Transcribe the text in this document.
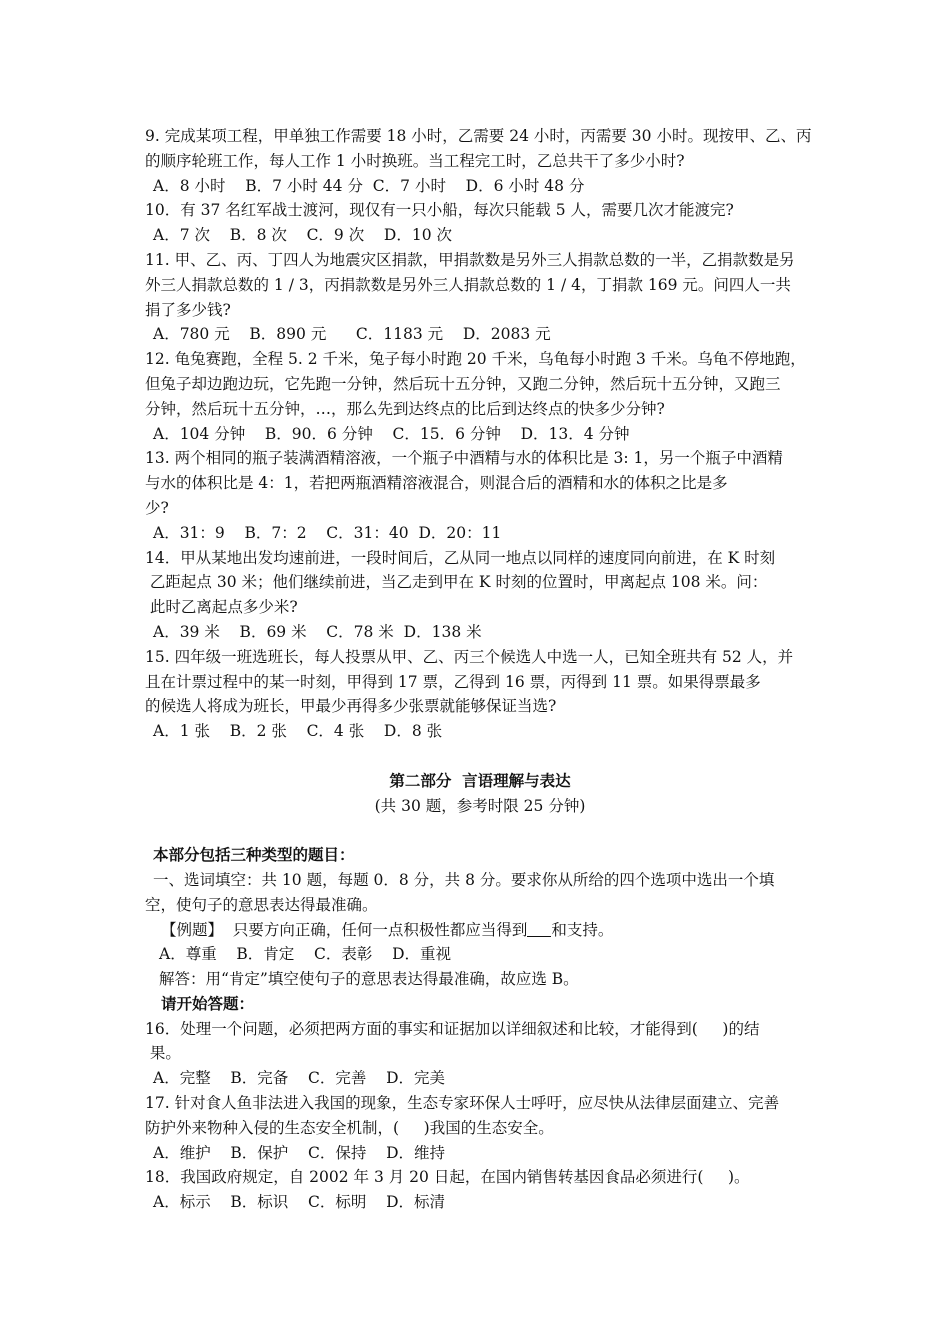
9. 完成某项工程，甲单独工作需要 18 小时，乙需要 24 小时，丙需要 30 小时。现按甲、乙、丙
的顺序轮班工作，每人工作 1 小时换班。当工程完工时，乙总共干了多少小时?
A．8 小时    B．7 小时 44 分  C．7 小时    D．6 小时 48 分
10．有 37 名红军战士渡河，现仅有一只小船，每次只能载 5 人，需要几次才能渡完?
A．7 次    B．8 次    C．9 次    D．10 次
11. 甲、乙、丙、丁四人为地震灾区捐款，甲捐款数是另外三人捐款总数的一半，乙捐款数是另
外三人捐款总数的 1 / 3，丙捐款数是另外三人捐款总数的 1 / 4，丁捐款 169 元。问四人一共
捐了多少钱?
A．780 元    B．890 元      C．1183 元    D．2083 元
12. 龟兔赛跑，全程 5. 2 千米，兔子每小时跑 20 千米，乌龟每小时跑 3 千米。乌龟不停地跑，
但兔子却边跑边玩，它先跑一分钟，然后玩十五分钟，又跑二分钟，然后玩十五分钟，又跑三
分钟，然后玩十五分钟，…，那么先到达终点的比后到达终点的快多少分钟?
A．104 分钟    B．90．6 分钟    C．15．6 分钟    D．13．4 分钟
13. 两个相同的瓶子装满酒精溶液，一个瓶子中酒精与水的体积比是 3: 1，另一个瓶子中酒精
与水的体积比是 4：1，若把两瓶酒精溶液混合，则混合后的酒精和水的体积之比是多
少?
A．31：9    B．7：2    C．31：40  D．20：11
14．甲从某地出发均速前进，一段时间后，乙从同一地点以同样的速度同向前进，在 K 时刻
乙距起点 30 米；他们继续前进，当乙走到甲在 K 时刻的位置时，甲离起点 108 米。问：
此时乙离起点多少米?
A．39 米    B．69 米    C．78 米  D．138 米
15. 四年级一班选班长，每人投票从甲、乙、丙三个候选人中选一人，已知全班共有 52 人，并
且在计票过程中的某一时刻，甲得到 17 票，乙得到 16 票，丙得到 11 票。如果得票最多
的候选人将成为班长，甲最少再得多少张票就能够保证当选?
A．1 张    B．2 张    C．4 张    D．8 张
第二部分  言语理解与表达
(共 30 题，参考时限 25 分钟)
本部分包括三种类型的题目：
一、选词填空：共 10 题，每题 0．8 分，共 8 分。要求你从所给的四个选项中选出一个填
空，使句子的意思表达得最准确。
【例题】  只要方向正确，任何一点积极性都应当得到 和支持。
A．尊重    B．肯定    C．表彰    D．重视
解答：用“肯定”填空使句子的意思表达得最准确，故应选 B。
请开始答题：
16．处理一个问题，必须把两方面的事实和证据加以详细叙述和比较，才能得到(     )的结
果。
A．完整    B．完备    C．完善    D．完美
17. 针对食人鱼非法进入我国的现象，生态专家环保人士呼吁，应尽快从法律层面建立、完善
防护外来物种入侵的生态安全机制，(     )我国的生态安全。
A．维护    B．保护    C．保持    D．维持
18．我国政府规定，自 2002 年 3 月 20 日起，在国内销售转基因食品必须进行(     )。
A．标示    B．标识    C．标明    D．标清
